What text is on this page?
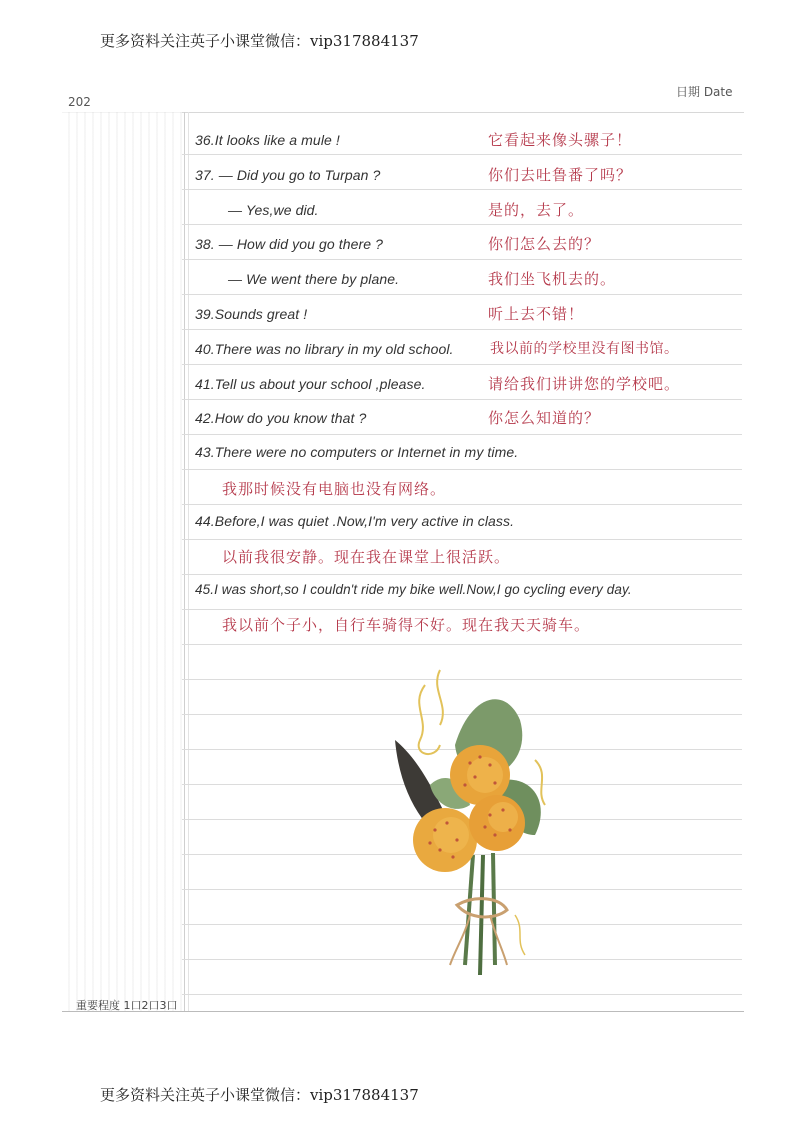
更多资料关注英子小课堂微信：vip317884137
202
日期 Date
36.It looks like a mule !	它看起来像头骡子！
37. — Did you go to Turpan ?	你们去吐鲁番了吗？
— Yes,we did.	是的，去了。
38. — How did you go there ?	你们怎么去的？
— We went there by plane.	我们坐飞机去的。
39.Sounds great !	听上去不错！
40.There was no library in my old school.	我以前的学校里没有图书馆。
41.Tell us about your school ,please.	请给我们讲讲您的学校吧。
42.How do you know that ?	你怎么知道的？
43.There were no computers or Internet in my time.
我那时候没有电脑也没有网络。
44.Before,I was quiet .Now,I'm very active in class.
以前我很安静。现在我在课堂上很活跃。
45.I was short,so I couldn't ride my bike well.Now,I go cycling every day.
我以前个子小，自行车骑得不好。现在我天天骑车。
重要程度 1口2口3口
更多资料关注英子小课堂微信：vip317884137
